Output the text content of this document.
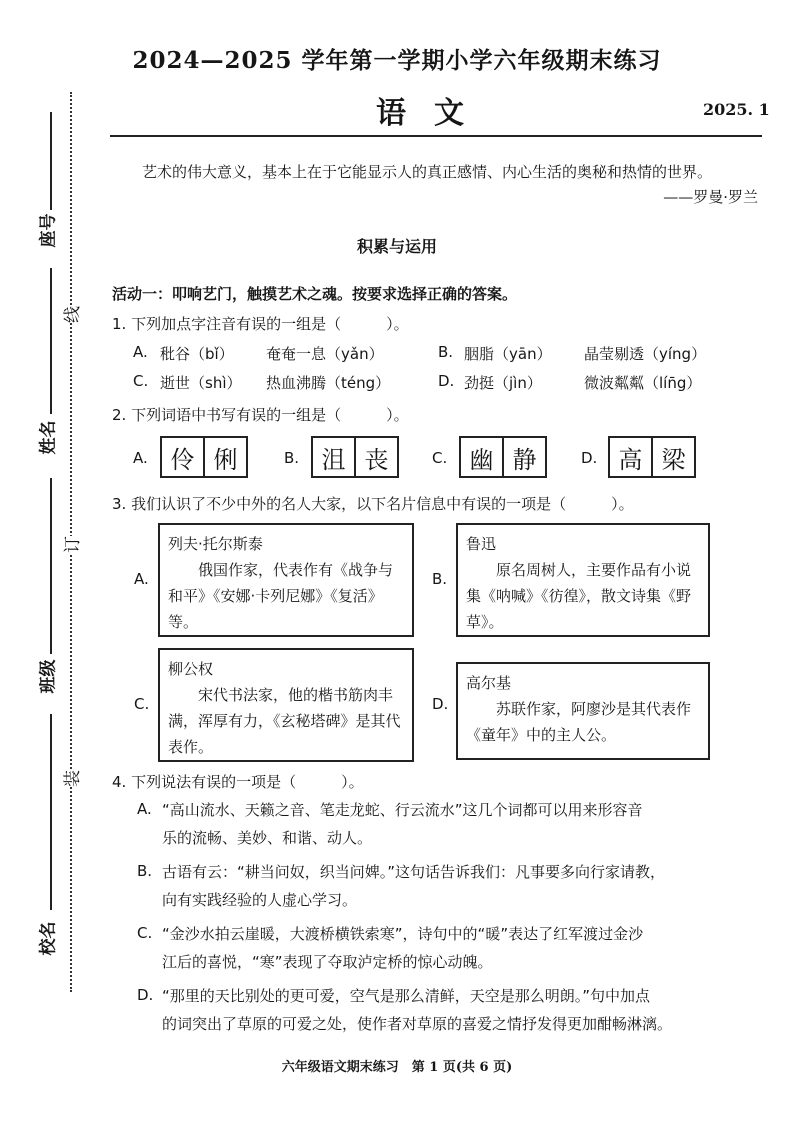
2024—2025 学年第一学期小学六年级期末练习
语文	2025. 1

艺术的伟大意义，基本上在于它能显示人的真正感情、内心生活的奥秘和热情的世界。

——罗曼·罗兰
积累与运用
活动一：叩响艺门，触摸艺术之魂。按要求选择正确的答案。
1. 下列加点字注音有误的一组是（　　　）。
A. 秕谷（bǐ） 奄奄一息（yǎn）	B. 胭脂（yān） 晶莹剔透（yíng）
C. 逝世（shì） 热血沸腾（téng）	D. 劲挺（jìn）	微波粼粼（lín̄g）
2. 下列词语中书写有误的一组是（　　　）。
A. 伶 俐	B. 沮 丧	C. 幽 静	D. 高 梁
3. 我们认识了不少中外的名人大家，以下名片信息中有误的一项是（　　　）。
A.
列夫·托尔斯泰
俄国作家，代表作有《战争与和平》《安娜·卡列尼娜》《复活》等。
B.
鲁迅
原名周树人，主要作品有小说集《呐喊》《彷徨》，散文诗集《野草》。
C.
柳公权
宋代书法家，他的楷书筋肉丰满，浑厚有力，《玄秘塔碑》是其代表作。
D.
高尔基
苏联作家，阿廖沙是其代表作《童年》中的主人公。
4. 下列说法有误的一项是（　　　）。
A. “高山流水、天籁之音、笔走龙蛇、行云流水”这几个词都可以用来形容音
乐的流畅、美妙、和谐、动人。
B. 古语有云：“耕当问奴，织当问婢。”这句话告诉我们：凡事要多向行家请教，
向有实践经验的人虚心学习。
C. “金沙水拍云崖暖，大渡桥横铁索寒”，诗句中的“暖”表达了红军渡过金沙
江后的喜悦，“寒”表现了夺取泸定桥的惊心动魄。
D. “那里的天比别处的更可爱，空气是那么清鲜，天空是那么明朗。”句中加点
的词突出了草原的可爱之处，使作者对草原的喜爱之情抒发得更加酣畅淋漓。
六年级语文期末练习　第 1 页(共 6 页)
线
订
装
座号
姓名
班级
校名
